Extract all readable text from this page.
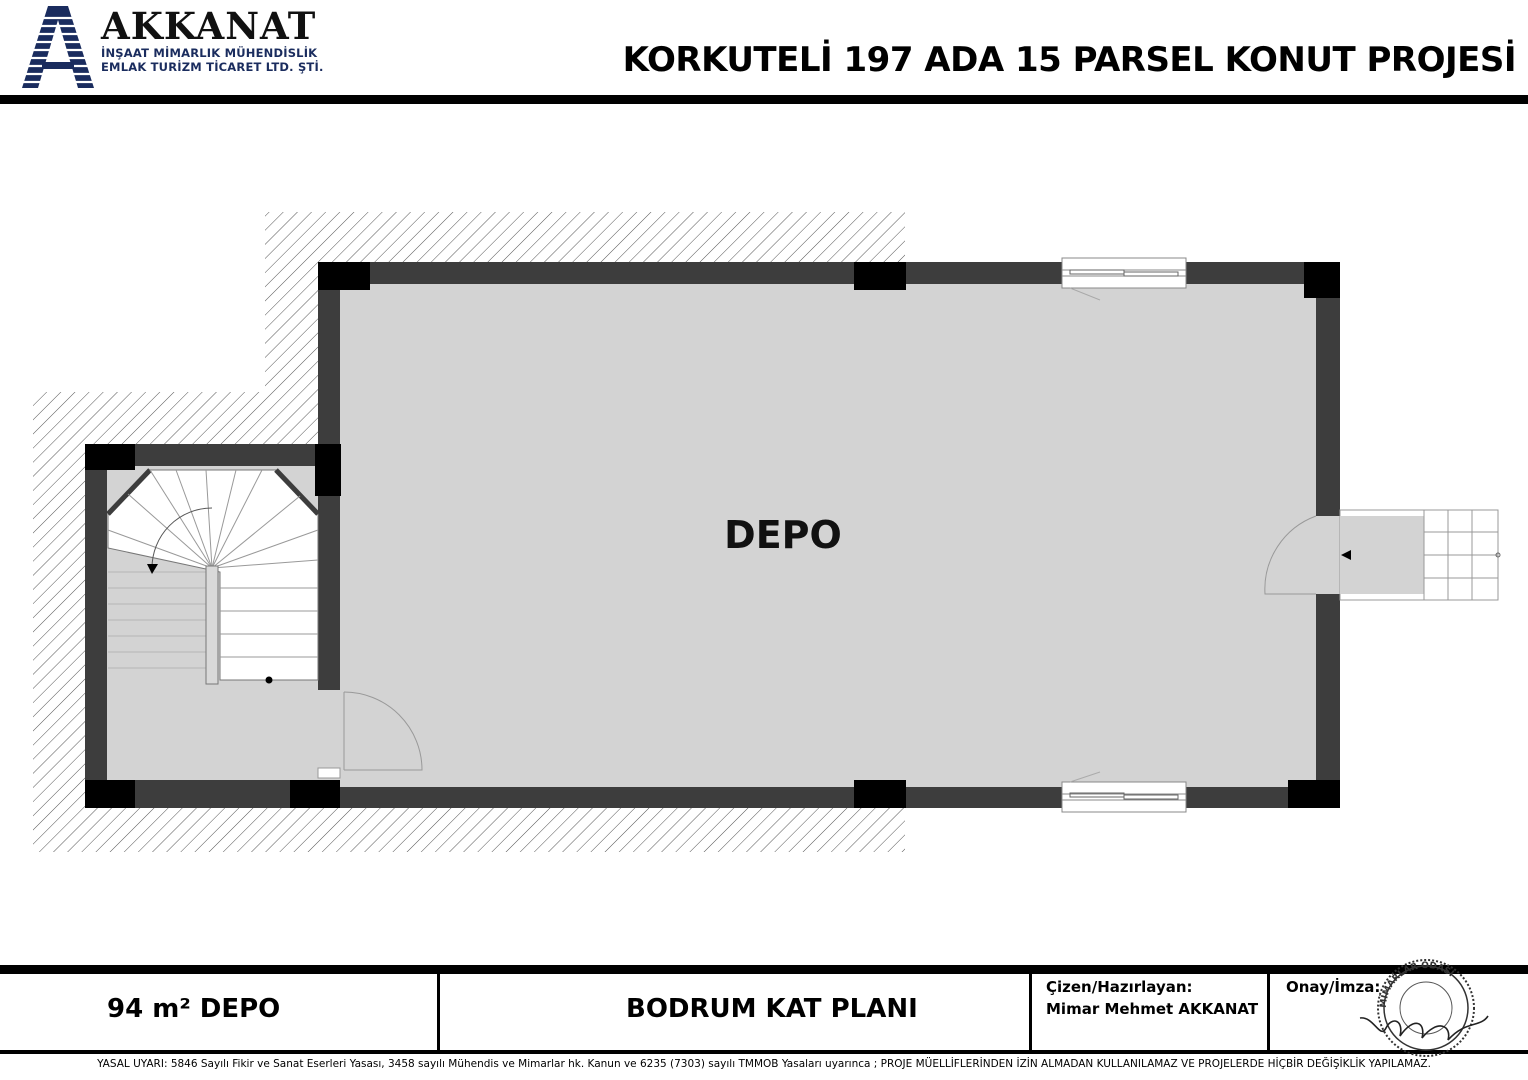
AKKANAT
İNŞAAT MİMARLIK MÜHENDİSLİK
EMLAK TURİZM TİCARET LTD. ŞTİ.	KORKUTELİ 197 ADA 15 PARSEL KONUT PROJESİ
DEPO
94 m² DEPO	BODRUM KAT PLANI
Çizen/Hazırlayan:
Mimar Mehmet AKKANAT
Onay/İmza:
MİMARLAR ODASI
YASAL UYARI: 5846 Sayılı Fikir ve Sanat Eserleri Yasası, 3458 sayılı Mühendis ve Mimarlar hk. Kanun ve 6235 (7303) sayılı TMMOB Yasaları uyarınca ; PROJE MÜELLİFLERİNDEN İZİN ALMADAN KULLANILAMAZ VE PROJELERDE HİÇBİR DEĞİŞİKLİK YAPILAMAZ.
